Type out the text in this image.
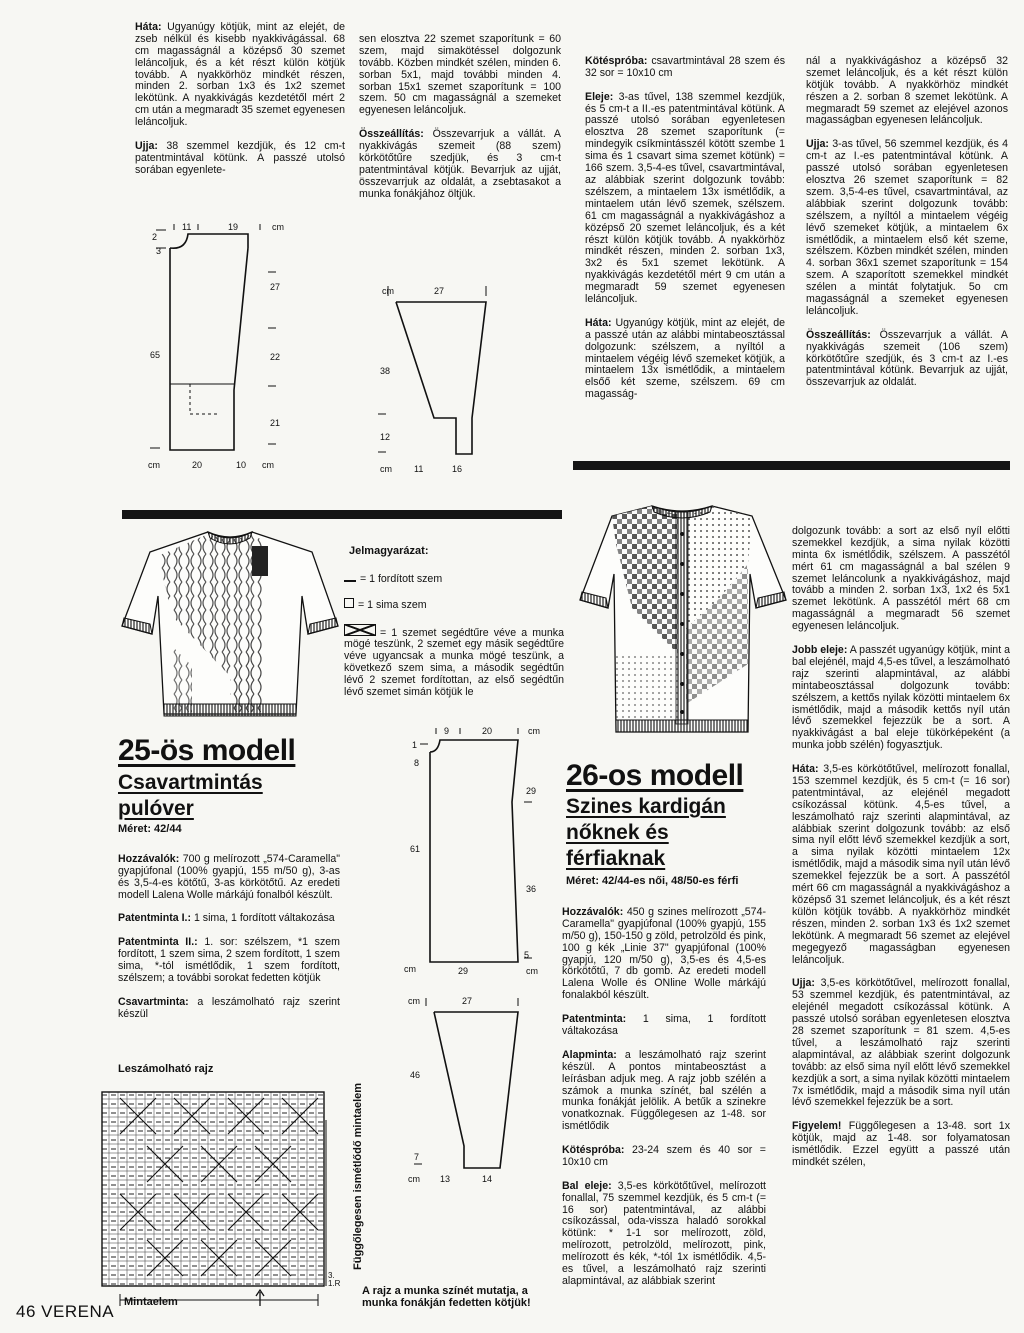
Háta: Ugyanúgy kötjük, mint az elejét, de zseb nélkül és kisebb nyakkivágással. 68 cm magasságnál a középső 30 szemet leláncoljuk, és a két részt külön kötjük tovább. A nyakkörhöz mindkét részen, minden 2. sorban 1x3 és 1x2 szemet lekötünk. A nyakkivágás kezdetétől mért 2 cm után a megmaradt 35 szemet egyenesen leláncoljuk.

Ujja: 38 szemmel kezdjük, és 12 cm-t patentmintával kötünk. A passzé utolsó sorában egyenlete-

sen elosztva 22 szemet szaporítunk = 60 szem, majd simakötéssel dolgozunk tovább. Közben mindkét szélen, minden 6. sorban 5x1, majd további minden 4. sorban 15x1 szemet szaporítunk = 100 szem. 50 cm magasságnál a szemeket egyenesen leláncoljuk.

Összeállítás: Összevarrjuk a vállát. A nyakkivágás szemeit (88 szem) körkötőtűre szedjük, és 3 cm-t patentmintával kötjük. Bevarrjuk az ujját, összevarrjuk az oldalát, a zsebtasakot a munka fonákjához öltjük.

Kötéspróba: csavartmintával 28 szem és 32 sor = 10x10 cm

Eleje: 3-as tűvel, 138 szemmel kezdjük, és 5 cm-t a II.-es patentmintával kötünk. A passzé utolsó sorában egyenletesen elosztva 28 szemet szaporítunk (= mindegyik csíkmintásszél kötött szembe 1 sima és 1 csavart sima szemet kötünk) = 166 szem. 3,5-4-es tűvel, csavartmintával, az alábbiak szerint dolgozunk tovább: szélszem, a mintaelem 13x ismétlődik, a mintaelem után lévő szemek, szélszem. 61 cm magasságnál a nyakkivágáshoz a középső 20 szemet leláncoljuk, és a két részt külön kötjük tovább. A nyakkörhöz mindkét részen, minden 2. sorban 1x3, 3x2 és 5x1 szemet lekötünk. A nyakkivágás kezdetétől mért 9 cm után a megmaradt 59 szemet egyenesen leláncoljuk.

Háta: Ugyanúgy kötjük, mint az elejét, de a passzé után az alábbi mintabeosztással dolgozunk: szélszem, a nyíltól a mintaelem végéig lévő szemeket kötjük, a mintaelem 13x ismétlődik, a mintaelem elsőő két szeme, szélszem. 69 cm magasság-

nál a nyakkivágáshoz a középső 32 szemet leláncoljuk, és a két részt külön kötjük tovább. A nyakkörhöz mindkét részen a 2. sorban 8 szemet lekötünk. A megmaradt 59 szemet az elejével azonos magasságban egyenesen leláncoljuk.

Ujja: 3-as tűvel, 56 szemmel kezdjük, és 4 cm-t az I.-es patentmintával kötünk. A passzé utolsó sorában egyenletesen elosztva 26 szemet szaporítunk = 82 szem. 3,5-4-es tűvel, csavartmintával, az alábbiak szerint dolgozunk tovább: szélszem, a nyíltól a mintaelem végéig lévő szemeket kötjük, a mintaelem 6x ismétlődik, a mintaelem első két szeme, szélszem. Közben mindkét szélen, minden 4. sorban 36x1 szemet szaporítunk = 154 szem. A szaporított szemekkel mindkét szélen a mintát folytatjuk. 5o cm magasságnál a szemeket egyenesen leláncoljuk.

Összeállítás: Összevarrjuk a vállát. A nyakkivágás szemeit (106 szem) körkötőtűre szedjük, és 3 cm-t az I.-es patentmintával kötünk. Bevarrjuk az ujját, összevarrjuk az oldalát.

11	19	cm
2
3
65
27
22
21
cm	20	10 cm
cm	27
38
12
cm 11	16

Jelmagyarázat:

= 1 fordított szem

= 1 sima szem

= 1 szemet segédtűre véve a munka mögé teszünk, 2 szemet egy másik segédtűre véve ugyancsak a munka mögé teszünk, a következő szem sima, a második segédtűn lévő 2 szemet fordítottan, az első segédtűn lévő szemet simán kötjük le

25-ös modell
Csavartmintás
pulóver

Méret: 42/44

Hozzávalók: 700 g melírozott „574-Caramella" gyapjúfonal (100% gyapjú, 155 m/50 g), 3-as és 3,5-4-es kötőtű, 3-as körkötőtű. Az eredeti modell Lalena Wolle márkájú fonalból készült.

Patentminta I.: 1 sima, 1 fordított váltakozása

Patentminta II.: 1. sor: szélszem, *1 szem fordított, 1 szem sima, 2 szem fordított, 1 szem sima, *-tól ismétlődik, 1 szem fordított, szélszem; a további sorokat fedetten kötjük

Csavartminta: a leszámolható rajz szerint készül

Leszámolható rajz

3.
1.R

Mintaelem

Függőlegesen ismétlődő mintaelem
A rajz a munka színét mutatja, a munka fonákján fedetten kötjük!
9	20	cm
1
8
61
cm
29
36
5
cm
29
cm	27
46
7
cm 13	14
26-os modell
Szines kardigán
nőknek és
férfiaknak

Méret: 42/44-es női, 48/50-es férfi

Hozzávalók: 450 g szines melírozott „574-Caramella" gyapjúfonal (100% gyapjú, 155 m/50 g), 150-150 g zöld, petrolzöld és pink, 100 g kék „Linie 37" gyapjúfonal (100% gyapjú, 120 m/50 g), 3,5-es és 4,5-es körkötőtű, 7 db gomb. Az eredeti modell Lalena Wolle és ONline Wolle márkájú fonalakból készült.

Patentminta: 1 sima, 1 fordított váltakozása

Alapminta: a leszámolható rajz szerint készül. A pontos mintabeosztást a leírásban adjuk meg. A rajz jobb szélén a számok a munka színét, bal szélén a munka fonákját jelölik. A betűk a szinekre vonatkoznak. Függőlegesen az 1-48. sor ismétlődik

Kötéspróba: 23-24 szem és 40 sor = 10x10 cm

Bal eleje: 3,5-es körkötőtűvel, melírozott fonallal, 75 szemmel kezdjük, és 5 cm-t (= 16 sor) patentmintával, az alábbi csíkozással, oda-vissza haladó sorokkal kötünk: * 1-1 sor melírozott, zöld, melírozott, petrolzöld, melírozott, pink, melírozott és kék, *-tól 1x ismétlődik. 4,5-es tűvel, a leszámolható rajz szerinti alapmintával, az alábbiak szerint

dolgozunk tovább: a sort az első nyíl előtti szemekkel kezdjük, a sima nyilak közötti minta 6x ismétlődik, szélszem. A passzétól mért 61 cm magasságnál a bal szélen 9 szemet leláncolunk a nyakkivágáshoz, majd tovább a minden 2. sorban 1x3, 1x2 és 5x1 szemet lekötünk. A passzétól mért 68 cm magasságnál a megmaradt 56 szemet egyenesen leláncoljuk.

Jobb eleje: A passzét ugyanúgy kötjük, mint a bal elejénél, majd 4,5-es tűvel, a leszámolható rajz szerinti alapmintával, az alábbi mintabeosztással dolgozunk tovább: szélszem, a kettős nyilak közötti mintaelem 6x ismétlődik, majd a második kettős nyíl után lévő szemekkel fejezzük be a sort. A nyakkivágást a bal eleje tükörképeként (a munka jobb szélén) fogyasztjuk.

Háta: 3,5-es körkötőtűvel, melírozott fonallal, 153 szemmel kezdjük, és 5 cm-t (= 16 sor) patentmintával, az elejénél megadott csíkozással kötünk. 4,5-es tűvel, a leszámolható rajz szerinti alapmintával, az alábbiak szerint dolgozunk tovább: az első sima nyíl előtt lévő szemekkel kezdjük a sort, a sima nyilak közötti mintaelem 12x ismétlődik, majd a második sima nyíl után lévő szemekkel fejezzük be a sort. A passzétól mért 66 cm magasságnál a nyakkivágáshoz a középső 31 szemet leláncoljuk, és a két részt külön kötjük tovább. A nyakkörhöz mindkét részen, minden 2. sorban 1x3 és 1x2 szemet lekötünk. A megmaradt 56 szemet az elejével megegyező magasságban egyenesen leláncoljuk.

Ujja: 3,5-es körkötőtűvel, melírozott fonallal, 53 szemmel kezdjük, és patentmintával, az elejénél megadott csíkozással kötünk. A passzé utolsó sorában egyenletesen elosztva 28 szemet szaporítunk = 81 szem. 4,5-es tűvel, a leszámolható rajz szerinti alapmintával, az alábbiak szerint dolgozunk tovább: az első sima nyíl előtt lévő szemekkel kezdjük a sort, a sima nyilak közötti mintaelem 7x ismétlődik, majd a második sima nyíl után lévő szemekkel fejezzük be a sort.

Figyelem! Függőlegesen a 13-48. sort 1x kötjük, majd az 1-48. sor folyamatosan ismétlődik. Ezzel együtt a passzé után mindkét szélen,

46 VERENA
